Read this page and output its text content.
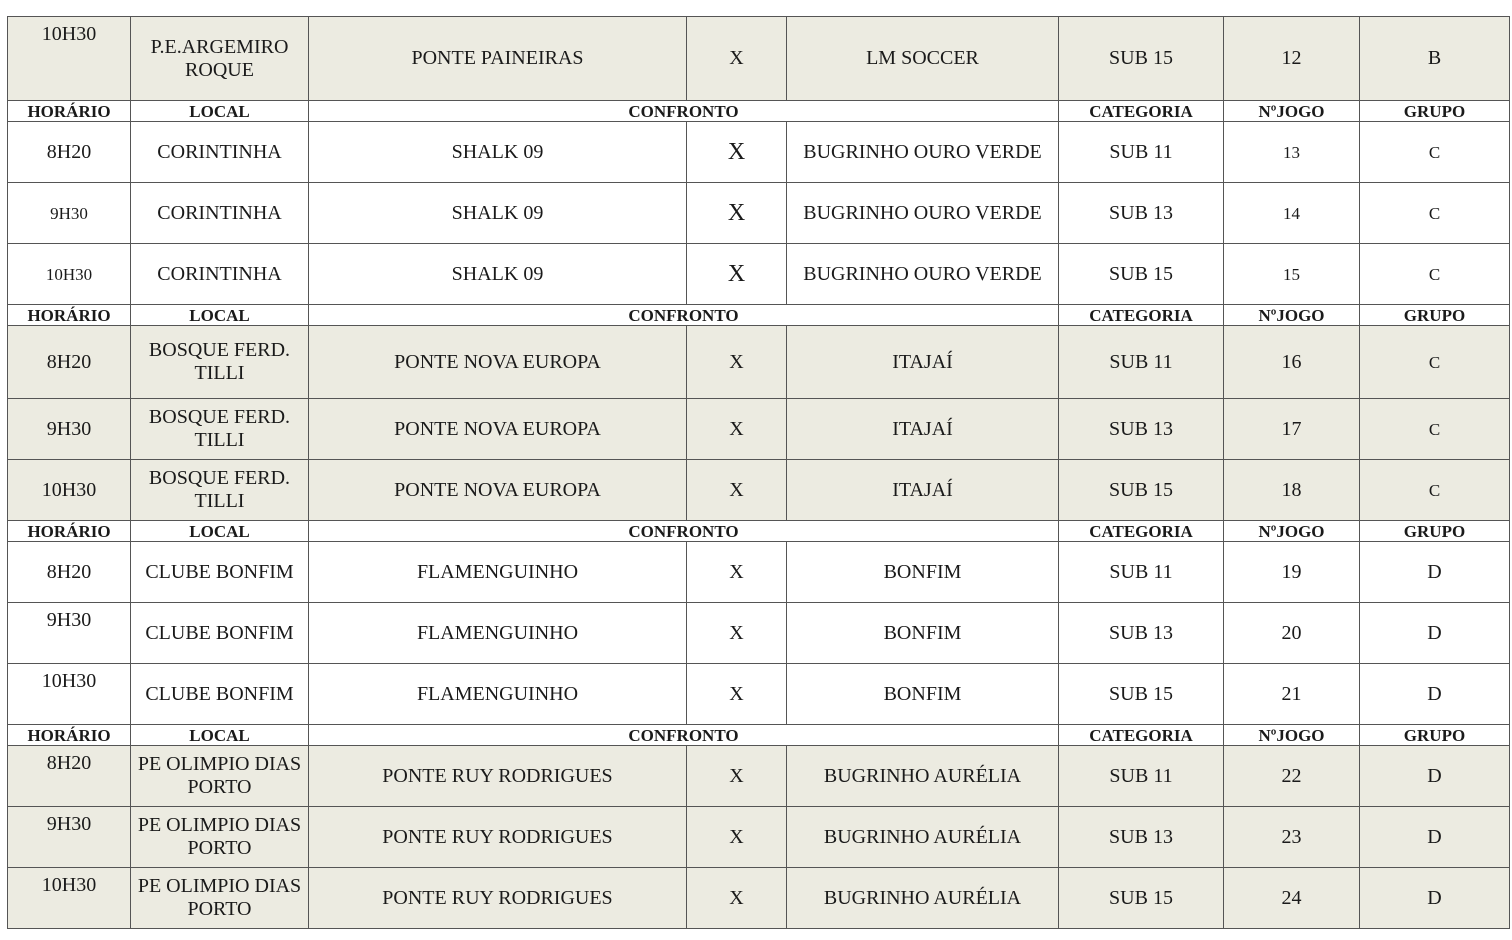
10H30	P.E.ARGEMIRO ROQUE	PONTE PAINEIRAS	X	LM SOCCER	SUB 15	12	B
HORÁRIO	LOCAL	CONFRONTO			CATEGORIA	NºJOGO	GRUPO
8H20	CORINTINHA	SHALK 09	X	BUGRINHO OURO VERDE	SUB 11	13	C
9H30	CORINTINHA	SHALK 09	X	BUGRINHO OURO VERDE	SUB 13	14	C
10H30	CORINTINHA	SHALK 09	X	BUGRINHO OURO VERDE	SUB 15	15	C
HORÁRIO	LOCAL	CONFRONTO			CATEGORIA	NºJOGO	GRUPO
8H20	BOSQUE FERD. TILLI	PONTE NOVA EUROPA	X	ITAJAÍ	SUB 11	16	C
9H30	BOSQUE FERD. TILLI	PONTE NOVA EUROPA	X	ITAJAÍ	SUB 13	17	C
10H30	BOSQUE FERD. TILLI	PONTE NOVA EUROPA	X	ITAJAÍ	SUB 15	18	C
HORÁRIO	LOCAL	CONFRONTO			CATEGORIA	NºJOGO	GRUPO
8H20	CLUBE BONFIM	FLAMENGUINHO	X	BONFIM	SUB 11	19	D
9H30	CLUBE BONFIM	FLAMENGUINHO	X	BONFIM	SUB 13	20	D
10H30	CLUBE BONFIM	FLAMENGUINHO	X	BONFIM	SUB 15	21	D
HORÁRIO	LOCAL	CONFRONTO			CATEGORIA	NºJOGO	GRUPO
8H20	PE OLIMPIO DIAS PORTO	PONTE RUY RODRIGUES	X	BUGRINHO AURÉLIA	SUB 11	22	D
9H30	PE OLIMPIO DIAS PORTO	PONTE RUY RODRIGUES	X	BUGRINHO AURÉLIA	SUB 13	23	D
10H30	PE OLIMPIO DIAS PORTO	PONTE RUY RODRIGUES	X	BUGRINHO AURÉLIA	SUB 15	24	D
